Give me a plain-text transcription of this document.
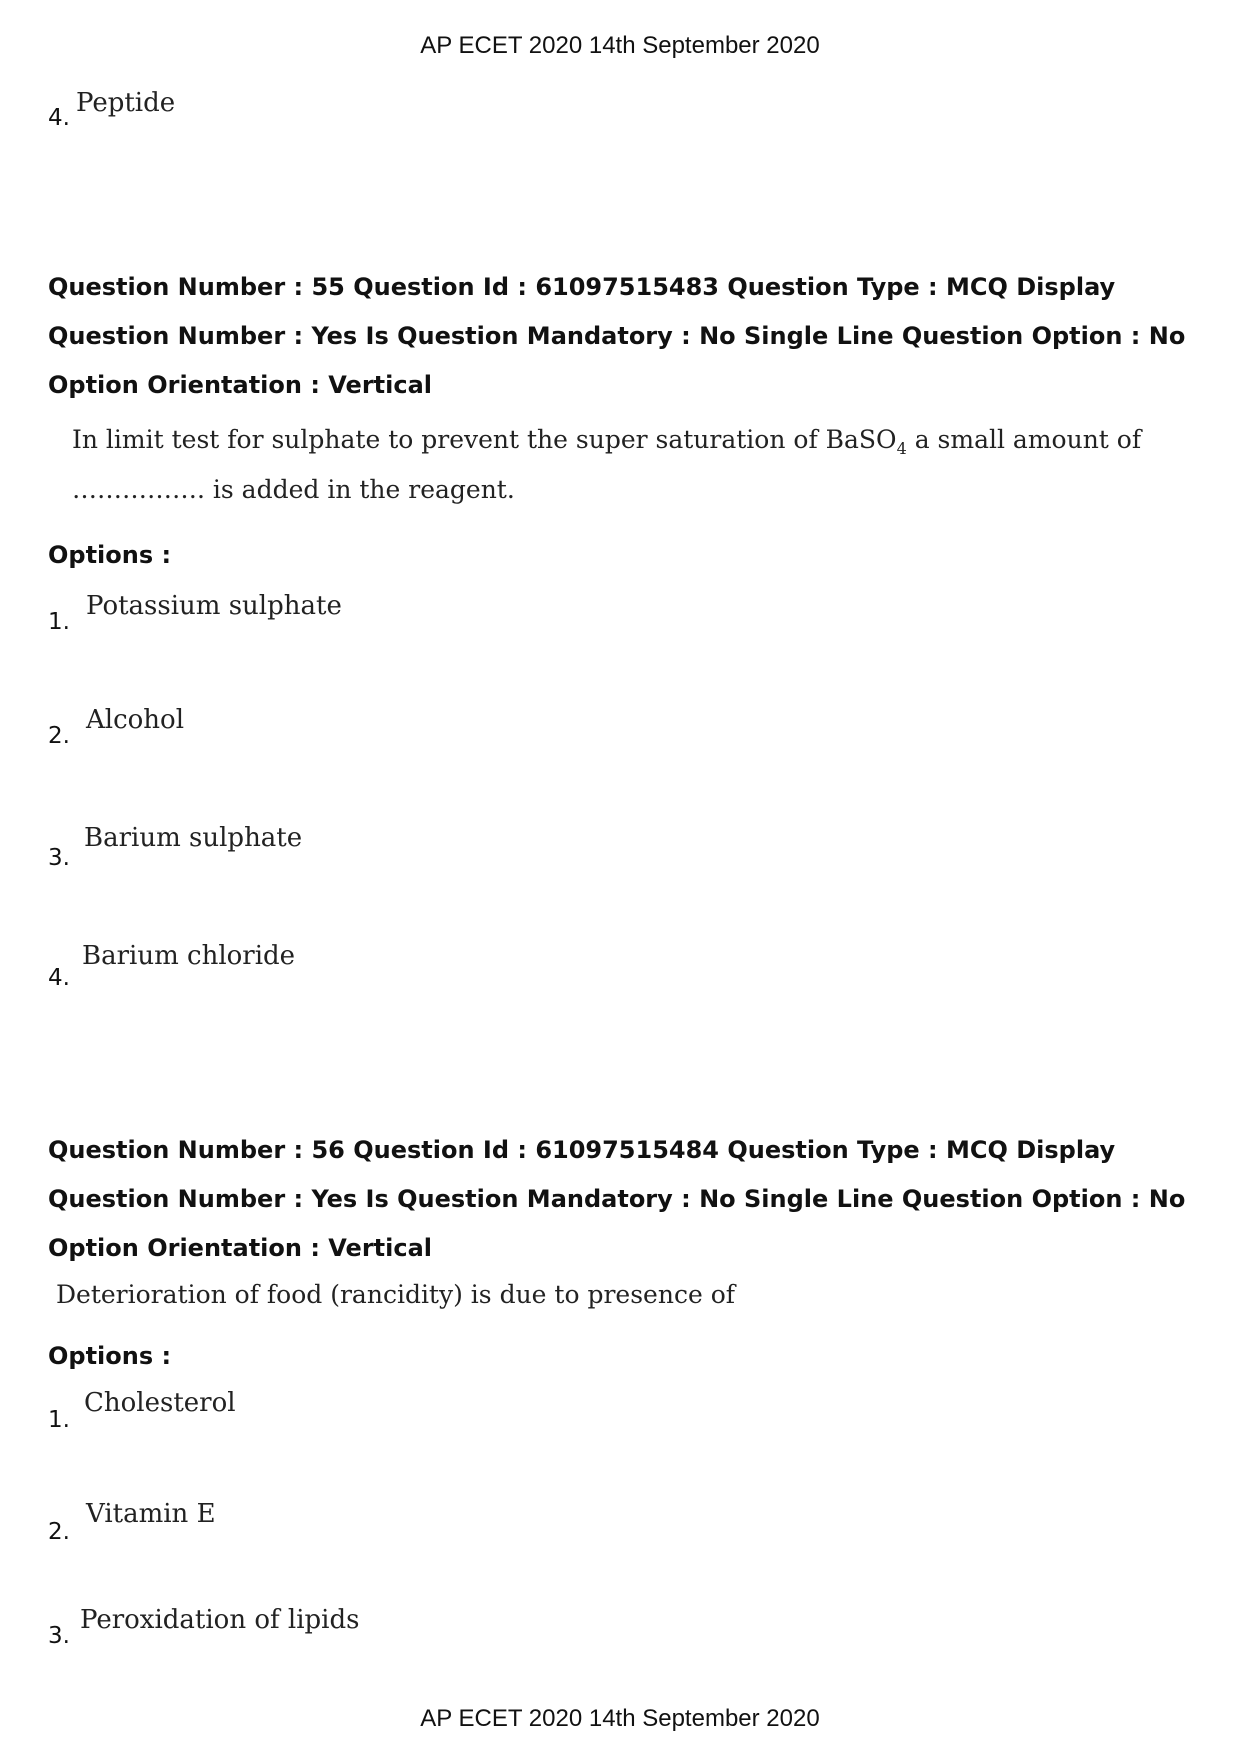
AP ECET 2020 14th September 2020
4. Peptide

Question Number : 55 Question Id : 61097515483 Question Type : MCQ Display Question Number : Yes Is Question Mandatory : No Single Line Question Option : No Option Orientation : Vertical

In limit test for sulphate to prevent the super saturation of BaSO$_4$ a small amount of
……………. is added in the reagent.
Options :
1.
Potassium sulphate
2.
Alcohol
3.
Barium sulphate
4.
Barium chloride

Question Number : 56 Question Id : 61097515484 Question Type : MCQ Display Question Number : Yes Is Question Mandatory : No Single Line Question Option : No Option Orientation : Vertical

Deterioration of food (rancidity) is due to presence of
Options :
1.
Cholesterol
2.
Vitamin E
3.
Peroxidation of lipids
AP ECET 2020 14th September 2020
